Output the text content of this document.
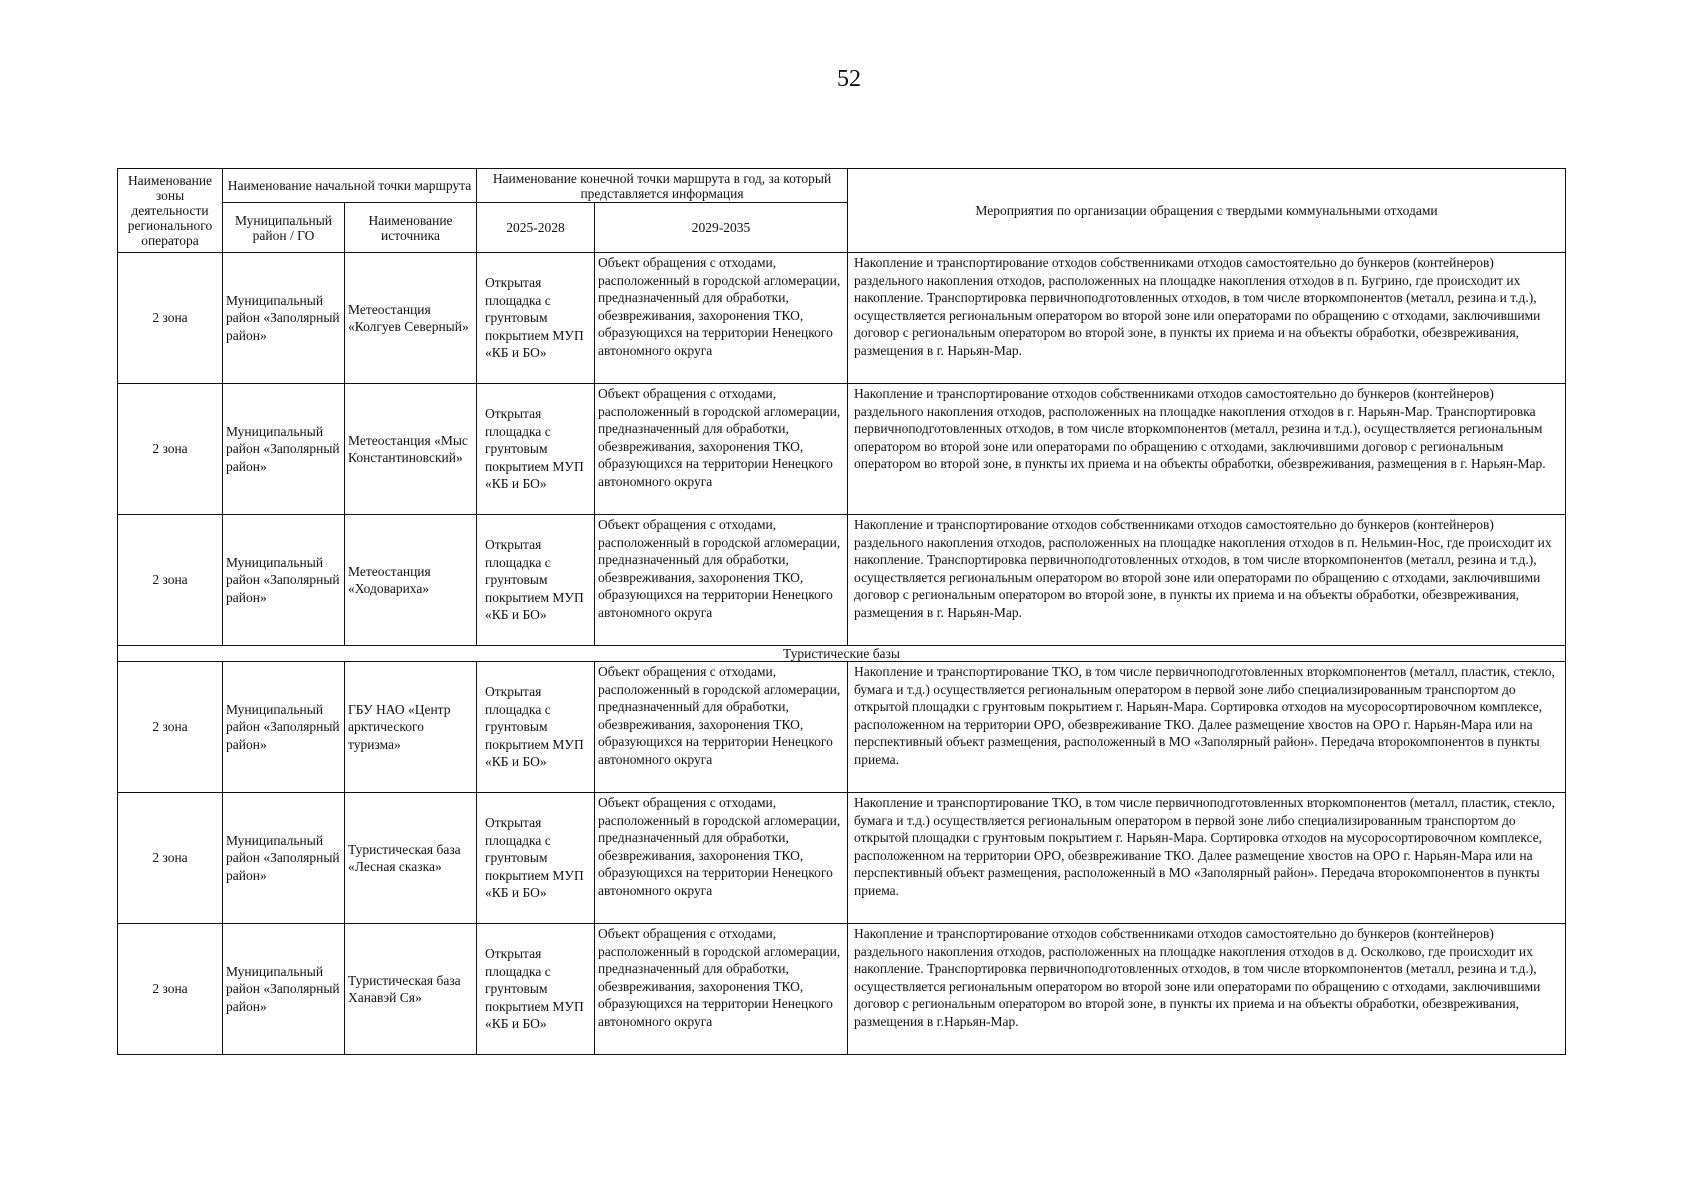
52
Наименование зоны деятельности регионального оператора	Наименование начальной точки маршрута		Наименование конечной точки маршрута в год, за который представляется информация		Мероприятия по организации обращения с твердыми коммунальными отходами
	Муниципальный район / ГО	Наименование источника	2025-2028	2029-2035	
2 зона	Муниципальный район «Заполярный район»	Метеостанция «Колгуев Северный»	Открытая площадка с грунтовым покрытием МУП «КБ и БО»	Объект обращения с отходами, расположенный в городской агломерации, предназначенный для обработки, обезвреживания, захоронения ТКО, образующихся на территории Ненецкого автономного округа	Накопление и транспортирование отходов собственниками отходов самостоятельно до бункеров (контейнеров) раздельного накопления отходов, расположенных на площадке накопления отходов в п. Бугрино, где происходит их накопление. Транспортировка первичноподготовленных отходов, в том числе вторкомпонентов (металл, резина и т.д.), осуществляется региональным оператором во второй зоне или операторами по обращению с отходами, заключившими договор с региональным оператором во второй зоне, в пункты их приема и на объекты обработки, обезвреживания, размещения в г. Нарьян-Мар.
2 зона	Муниципальный район «Заполярный район»	Метеостанция «Мыс Константиновский»	Открытая площадка с грунтовым покрытием МУП «КБ и БО»	Объект обращения с отходами, расположенный в городской агломерации, предназначенный для обработки, обезвреживания, захоронения ТКО, образующихся на территории Ненецкого автономного округа	Накопление и транспортирование отходов собственниками отходов самостоятельно до бункеров (контейнеров) раздельного накопления отходов, расположенных на площадке накопления отходов в г. Нарьян-Мар. Транспортировка первичноподготовленных отходов, в том числе вторкомпонентов (металл, резина и т.д.), осуществляется региональным оператором во второй зоне или операторами по обращению с отходами, заключившими договор с региональным оператором во второй зоне, в пункты их приема и на объекты обработки, обезвреживания, размещения в г. Нарьян-Мар.
2 зона	Муниципальный район «Заполярный район»	Метеостанция «Ходовариха»	Открытая площадка с грунтовым покрытием МУП «КБ и БО»	Объект обращения с отходами, расположенный в городской агломерации, предназначенный для обработки, обезвреживания, захоронения ТКО, образующихся на территории Ненецкого автономного округа	Накопление и транспортирование отходов собственниками отходов самостоятельно до бункеров (контейнеров) раздельного накопления отходов, расположенных на площадке накопления отходов в п. Нельмин-Нос, где происходит их накопление. Транспортировка первичноподготовленных отходов, в том числе вторкомпонентов (металл, резина и т.д.), осуществляется региональным оператором во второй зоне или операторами по обращению с отходами, заключившими договор с региональным оператором во второй зоне, в пункты их приема и на объекты обработки, обезвреживания, размещения в г. Нарьян-Мар.
Туристические базы					
2 зона	Муниципальный район «Заполярный район»	ГБУ НАО «Центр арктического туризма»	Открытая площадка с грунтовым покрытием МУП «КБ и БО»	Объект обращения с отходами, расположенный в городской агломерации, предназначенный для обработки, обезвреживания, захоронения ТКО, образующихся на территории Ненецкого автономного округа	Накопление и транспортирование ТКО, в том числе первичноподготовленных вторкомпонентов (металл, пластик, стекло, бумага и т.д.) осуществляется региональным оператором в первой зоне либо специализированным транспортом до открытой площадки с грунтовым покрытием г. Нарьян-Мара. Сортировка отходов на мусоросортировочном комплексе, расположенном на территории ОРО, обезвреживание ТКО. Далее размещение хвостов на ОРО г. Нарьян-Мара или на перспективный объект размещения, расположенный в МО «Заполярный район». Передача второкомпонентов в пункты приема.
2 зона	Муниципальный район «Заполярный район»	Туристическая база «Лесная сказка»	Открытая площадка с грунтовым покрытием МУП «КБ и БО»	Объект обращения с отходами, расположенный в городской агломерации, предназначенный для обработки, обезвреживания, захоронения ТКО, образующихся на территории Ненецкого автономного округа	Накопление и транспортирование ТКО, в том числе первичноподготовленных вторкомпонентов (металл, пластик, стекло, бумага и т.д.) осуществляется региональным оператором в первой зоне либо специализированным транспортом до открытой площадки с грунтовым покрытием г. Нарьян-Мара. Сортировка отходов на мусоросортировочном комплексе, расположенном на территории ОРО, обезвреживание ТКО. Далее размещение хвостов на ОРО г. Нарьян-Мара или на перспективный объект размещения, расположенный в МО «Заполярный район». Передача второкомпонентов в пункты приема.
2 зона	Муниципальный район «Заполярный район»	Туристическая база Ханавэй Ся»	Открытая площадка с грунтовым покрытием МУП «КБ и БО»	Объект обращения с отходами, расположенный в городской агломерации, предназначенный для обработки, обезвреживания, захоронения ТКО, образующихся на территории Ненецкого автономного округа	Накопление и транспортирование отходов собственниками отходов самостоятельно до бункеров (контейнеров) раздельного накопления отходов, расположенных на площадке накопления отходов в д. Осколково, где происходит их накопление. Транспортировка первичноподготовленных отходов, в том числе вторкомпонентов (металл, резина и т.д.), осуществляется региональным оператором во второй зоне или операторами по обращению с отходами, заключившими договор с региональным оператором во второй зоне, в пункты их приема и на объекты обработки, обезвреживания, размещения в г.Нарьян-Мар.
